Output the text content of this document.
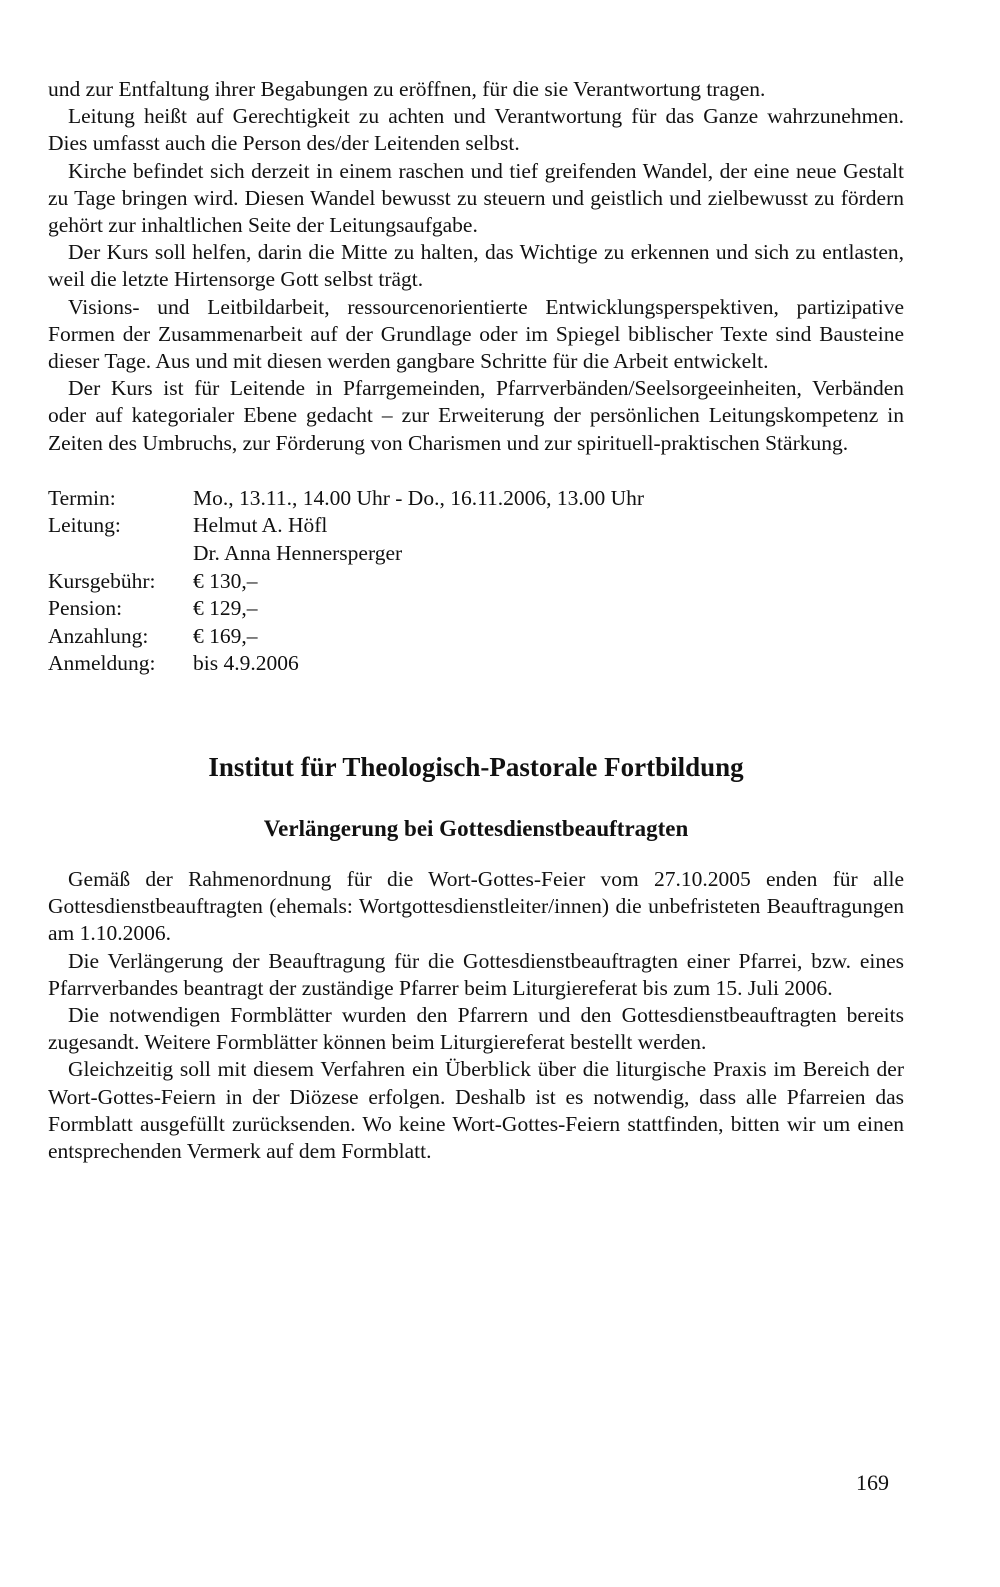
und zur Entfaltung ihrer Begabungen zu eröffnen, für die sie Verantwortung tragen.

Leitung heißt auf Gerechtigkeit zu achten und Verantwortung für das Ganze wahrzunehmen. Dies umfasst auch die Person des/der Leitenden selbst.

Kirche befindet sich derzeit in einem raschen und tief greifenden Wandel, der eine neue Gestalt zu Tage bringen wird. Diesen Wandel bewusst zu steuern und geistlich und zielbewusst zu fördern gehört zur inhaltlichen Seite der Leitungsaufgabe.

Der Kurs soll helfen, darin die Mitte zu halten, das Wichtige zu erkennen und sich zu entlasten, weil die letzte Hirtensorge Gott selbst trägt.

Visions- und Leitbildarbeit, ressourcenorientierte Entwicklungsperspektiven, partizipative Formen der Zusammenarbeit auf der Grundlage oder im Spiegel biblischer Texte sind Bausteine dieser Tage. Aus und mit diesen werden gangbare Schritte für die Arbeit entwickelt.

Der Kurs ist für Leitende in Pfarrgemeinden, Pfarrverbänden/Seelsorgeeinheiten, Verbänden oder auf kategorialer Ebene gedacht – zur Erweiterung der persönlichen Leitungskompetenz in Zeiten des Umbruchs, zur Förderung von Charismen und zur spirituell-praktischen Stärkung.

Termin:	Mo., 13.11., 14.00 Uhr - Do., 16.11.2006, 13.00 Uhr
Leitung:	Helmut A. Höfl
Dr. Anna Hennersperger
Kursgebühr:	€ 130,–
Pension:	€ 129,–
Anzahlung:	€ 169,–
Anmeldung:	bis 4.9.2006
Institut für Theologisch-Pastorale Fortbildung
Verlängerung bei Gottesdienstbeauftragten

Gemäß der Rahmenordnung für die Wort-Gottes-Feier vom 27.10.2005 enden für alle Gottesdienstbeauftragten (ehemals: Wortgottesdienstleiter/innen) die unbefristeten Beauftragungen am 1.10.2006.

Die Verlängerung der Beauftragung für die Gottesdienstbeauftragten einer Pfarrei, bzw. eines Pfarrverbandes beantragt der zuständige Pfarrer beim Liturgiereferat bis zum 15. Juli 2006.

Die notwendigen Formblätter wurden den Pfarrern und den Gottesdienstbeauftragten bereits zugesandt. Weitere Formblätter können beim Liturgiereferat bestellt werden.

Gleichzeitig soll mit diesem Verfahren ein Überblick über die liturgische Praxis im Bereich der Wort-Gottes-Feiern in der Diözese erfolgen. Deshalb ist es notwendig, dass alle Pfarreien das Formblatt ausgefüllt zurücksenden. Wo keine Wort-Gottes-Feiern stattfinden, bitten wir um einen entsprechenden Vermerk auf dem Formblatt.

169
